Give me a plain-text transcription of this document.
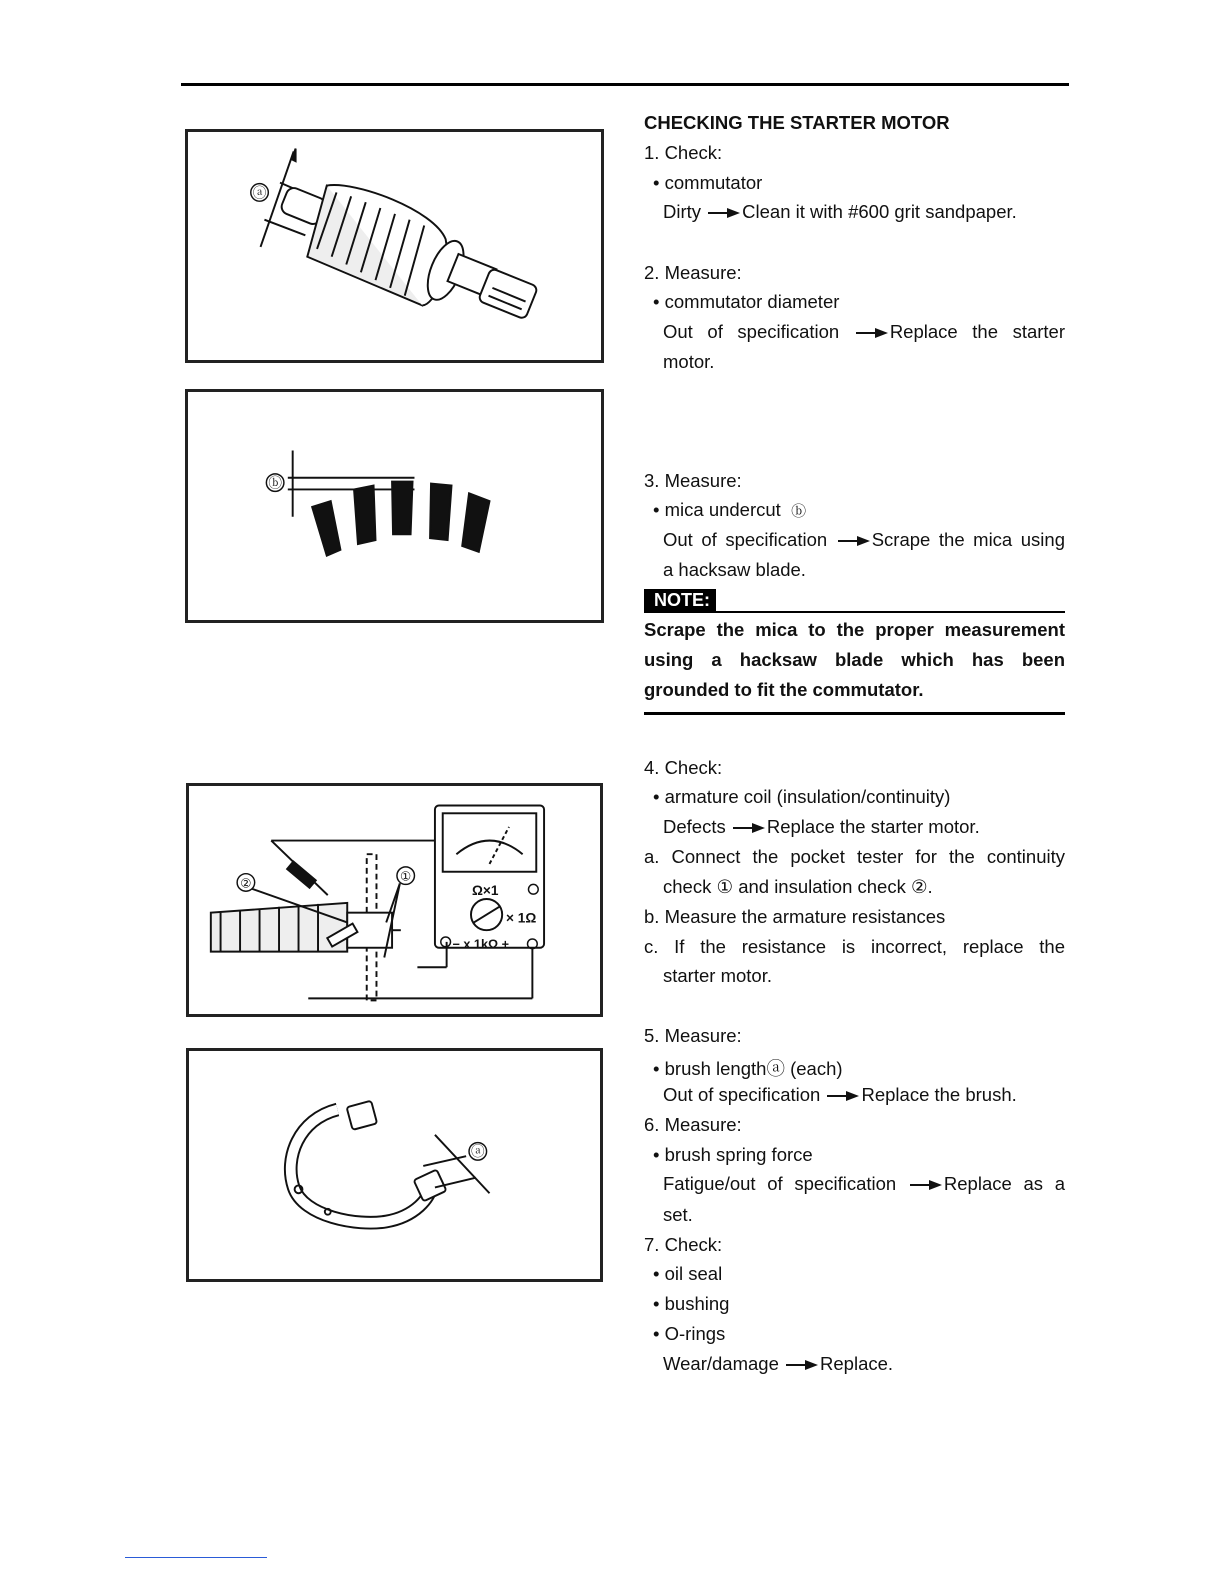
ⓐ
ⓑ
Ω×1
× 1Ω
− x 1kΩ +
②	①
ⓐ
CHECKING THE STARTER MOTOR
1. Check:
• commutator
Dirty Clean it with #600 grit sandpaper.
2. Measure:
• commutator diameter
Out of specification	Replace the starter
motor.
3. Measure:
• mica undercut ⓑ
Out of specification Scrape the mica using
a hacksaw blade.
NOTE:
Scrape the mica to the proper measurement using a hacksaw blade which has been grounded to fit the commutator.
4. Check:
• armature coil (insulation/continuity)
Defects Replace the starter motor.
a. Connect the pocket tester for the continuity
check ① and insulation check ②.
b. Measure the armature resistances
c. If the resistance is incorrect, replace the
starter motor.
5. Measure:
• brush lengthⓐ (each)
Out of specification Replace the brush.
6. Measure:
• brush spring force
Fatigue/out of specification	Replace as a
set.
7. Check:
• oil seal
• bushing
• O-rings
Wear/damage Replace.
